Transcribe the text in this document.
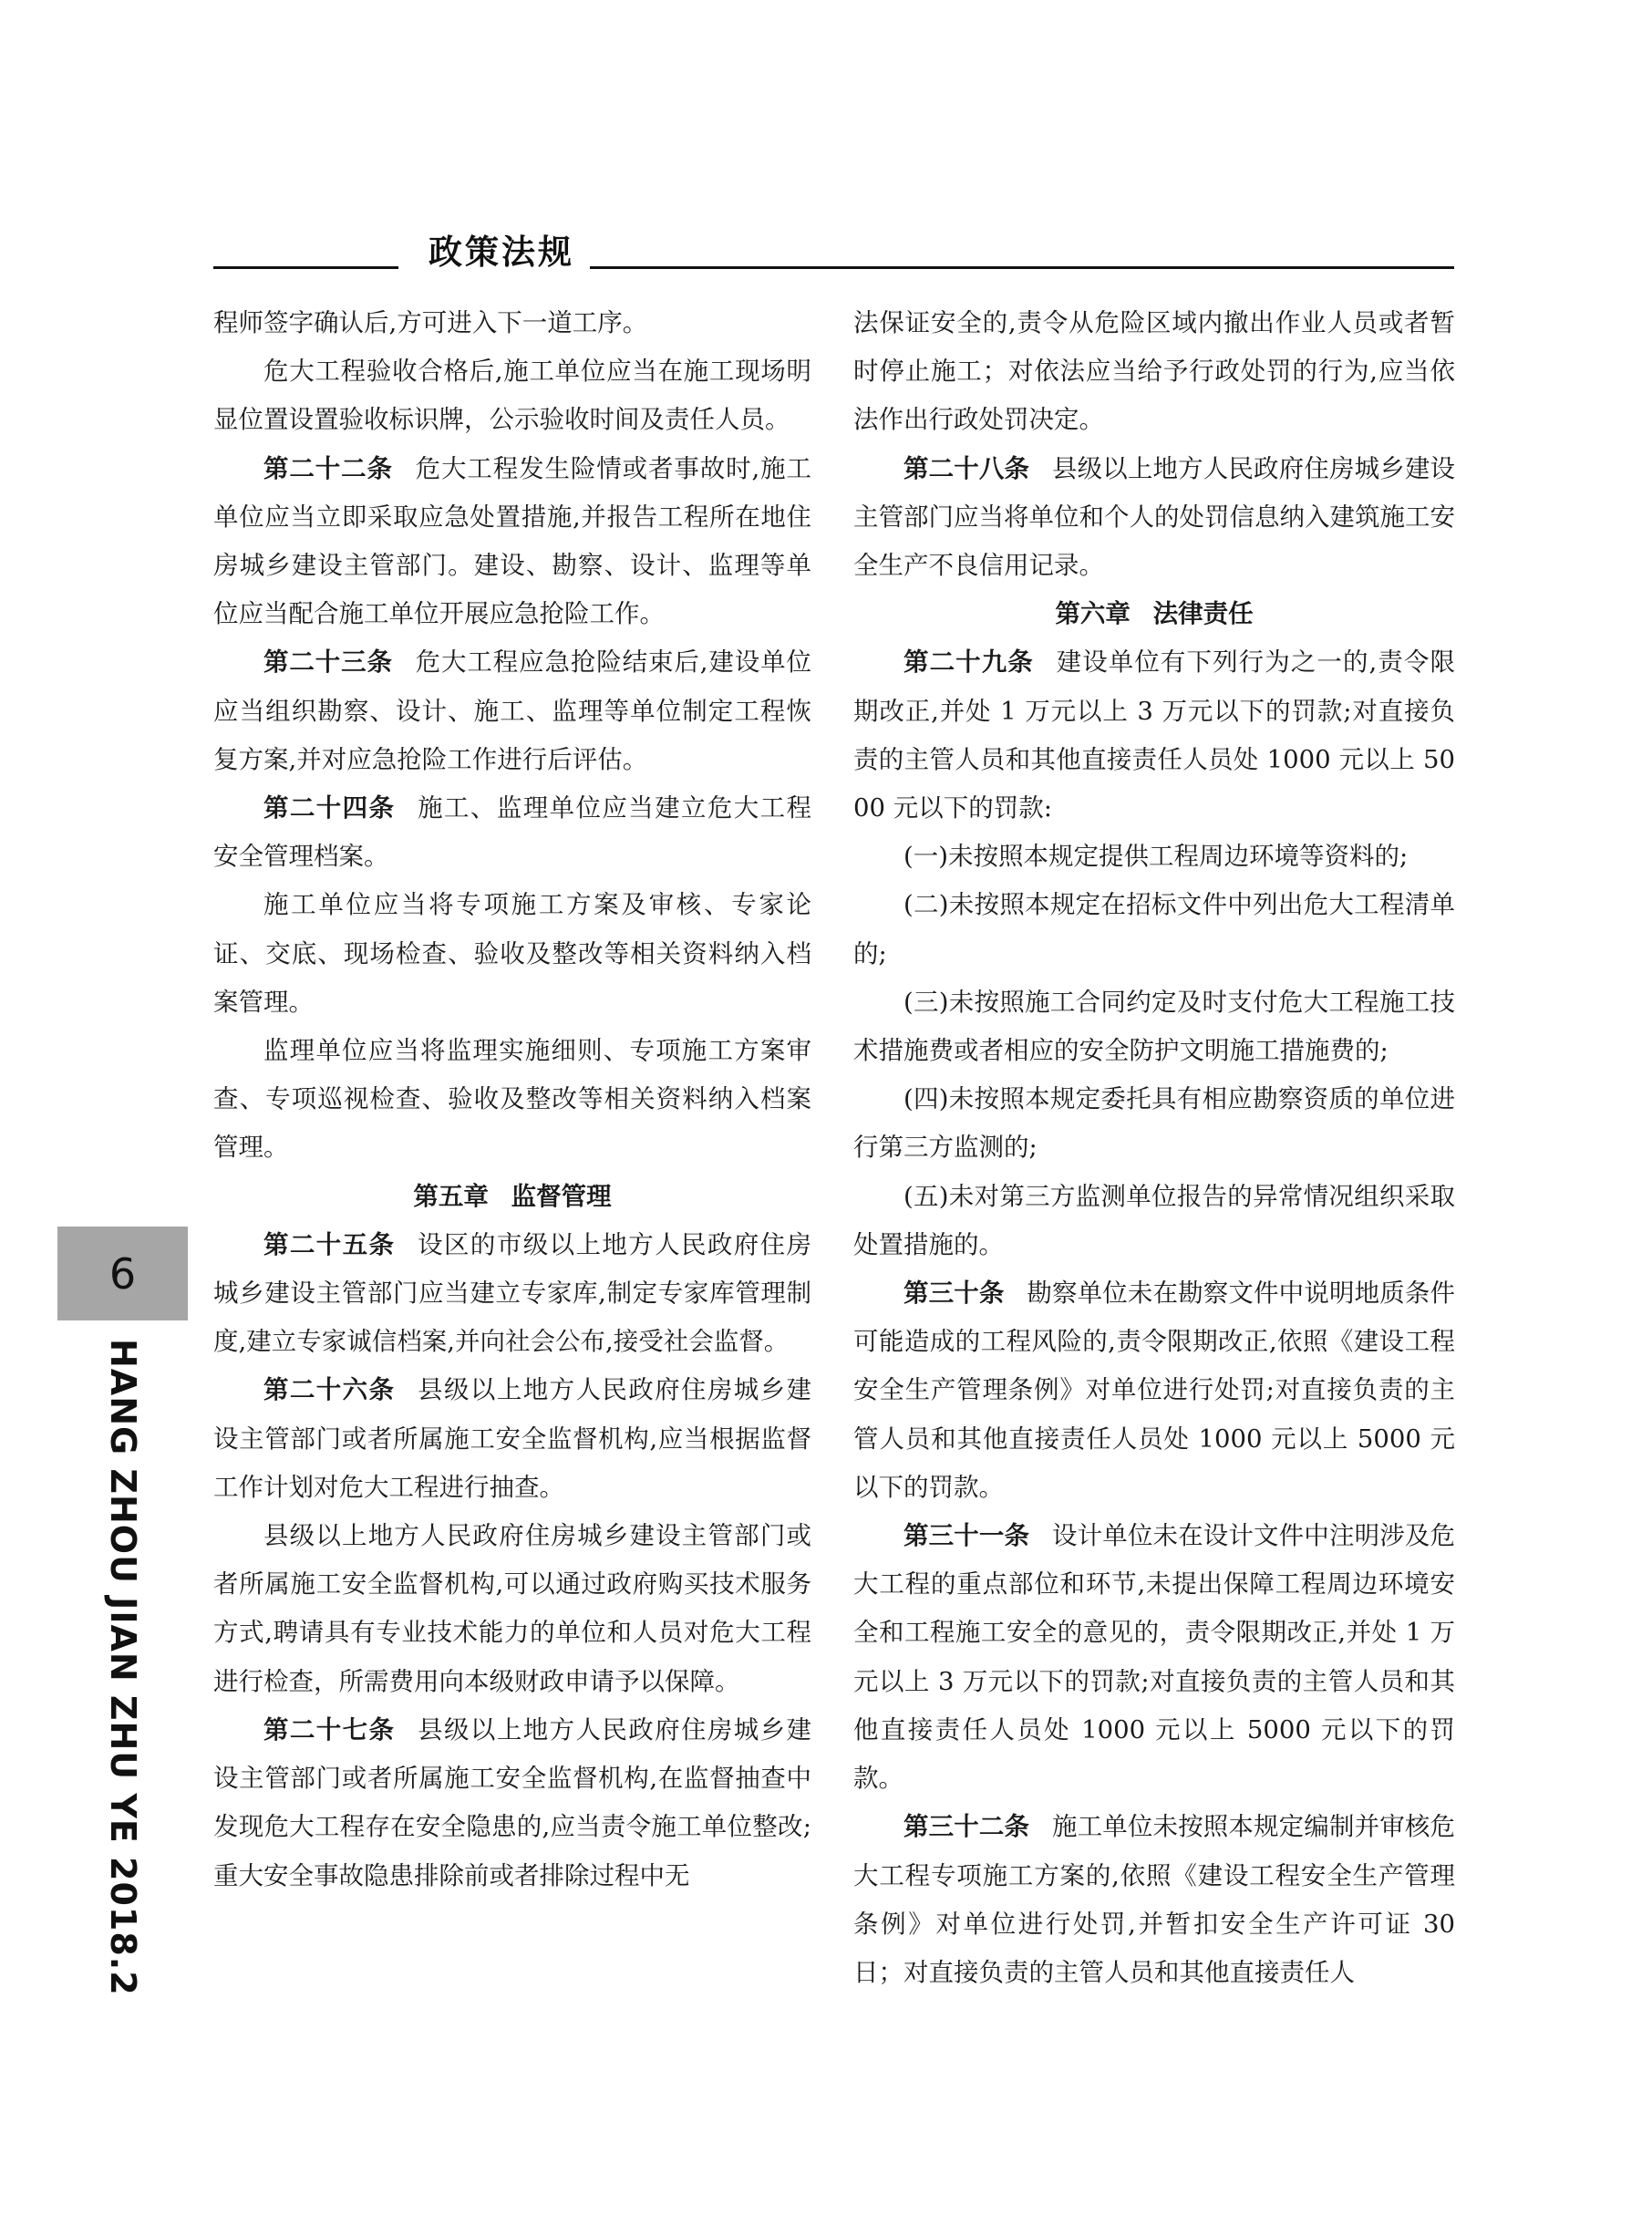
政策法规

程师签字确认后,方可进入下一道工序。

危大工程验收合格后,施工单位应当在施工现场明显位置设置验收标识牌，公示验收时间及责任人员。

第二十二条 危大工程发生险情或者事故时,施工单位应当立即采取应急处置措施,并报告工程所在地住房城乡建设主管部门。建设、勘察、设计、监理等单位应当配合施工单位开展应急抢险工作。

第二十三条 危大工程应急抢险结束后,建设单位应当组织勘察、设计、施工、监理等单位制定工程恢复方案,并对应急抢险工作进行后评估。

第二十四条 施工、监理单位应当建立危大工程安全管理档案。

施工单位应当将专项施工方案及审核、专家论证、交底、现场检查、验收及整改等相关资料纳入档案管理。

监理单位应当将监理实施细则、专项施工方案审查、专项巡视检查、验收及整改等相关资料纳入档案管理。

第五章 监督管理

第二十五条 设区的市级以上地方人民政府住房城乡建设主管部门应当建立专家库,制定专家库管理制度,建立专家诚信档案,并向社会公布,接受社会监督。

第二十六条 县级以上地方人民政府住房城乡建设主管部门或者所属施工安全监督机构,应当根据监督工作计划对危大工程进行抽查。

县级以上地方人民政府住房城乡建设主管部门或者所属施工安全监督机构,可以通过政府购买技术服务方式,聘请具有专业技术能力的单位和人员对危大工程进行检查，所需费用向本级财政申请予以保障。

第二十七条 县级以上地方人民政府住房城乡建设主管部门或者所属施工安全监督机构,在监督抽查中发现危大工程存在安全隐患的,应当责令施工单位整改;重大安全事故隐患排除前或者排除过程中无

法保证安全的,责令从危险区域内撤出作业人员或者暂时停止施工；对依法应当给予行政处罚的行为,应当依法作出行政处罚决定。

第二十八条 县级以上地方人民政府住房城乡建设主管部门应当将单位和个人的处罚信息纳入建筑施工安全生产不良信用记录。

第六章 法律责任

第二十九条 建设单位有下列行为之一的,责令限期改正,并处 1 万元以上 3 万元以下的罚款;对直接负责的主管人员和其他直接责任人员处 1000 元以上 5000 元以下的罚款:

(一)未按照本规定提供工程周边环境等资料的;

(二)未按照本规定在招标文件中列出危大工程清单的;

(三)未按照施工合同约定及时支付危大工程施工技术措施费或者相应的安全防护文明施工措施费的;

(四)未按照本规定委托具有相应勘察资质的单位进行第三方监测的;

(五)未对第三方监测单位报告的异常情况组织采取处置措施的。

第三十条 勘察单位未在勘察文件中说明地质条件可能造成的工程风险的,责令限期改正,依照《建设工程安全生产管理条例》对单位进行处罚;对直接负责的主管人员和其他直接责任人员处 1000 元以上 5000 元以下的罚款。

第三十一条 设计单位未在设计文件中注明涉及危大工程的重点部位和环节,未提出保障工程周边环境安全和工程施工安全的意见的，责令限期改正,并处 1 万元以上 3 万元以下的罚款;对直接负责的主管人员和其他直接责任人员处 1000 元以上 5000 元以下的罚款。

第三十二条 施工单位未按照本规定编制并审核危大工程专项施工方案的,依照《建设工程安全生产管理条例》对单位进行处罚,并暂扣安全生产许可证 30 日；对直接负责的主管人员和其他直接责任人

6
HANG ZHOU JIAN ZHU YE 2018.2
